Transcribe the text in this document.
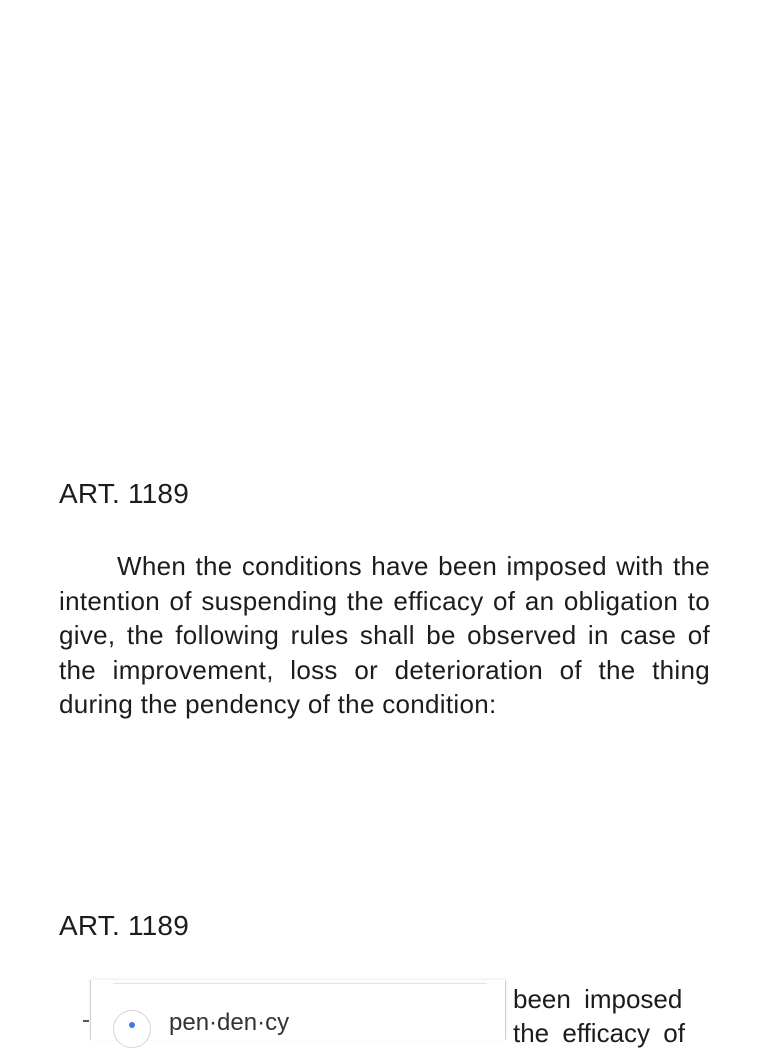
ART. 1189
When the conditions have been imposed with the intention of suspending the efficacy of an obligation to give, the following rules shall be observed in case of the improvement, loss or deterioration of the thing during the pendency of the condition:
ART. 1189
been imposed
the efficacy of
pen·den·cy
